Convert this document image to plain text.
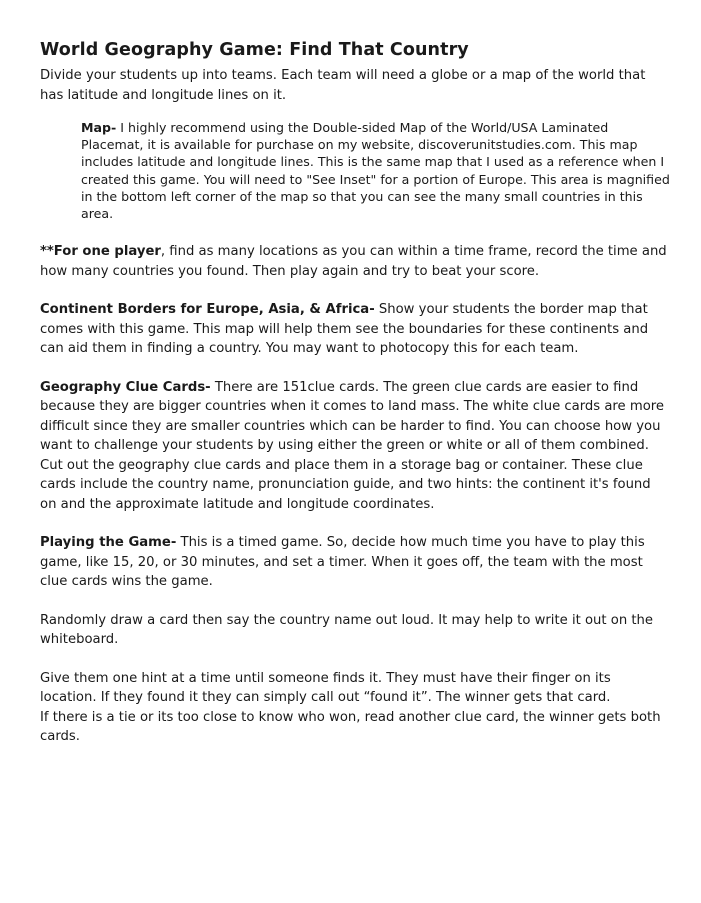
World Geography Game: Find That Country

Divide your students up into teams. Each team will need a globe or a map of the world that has latitude and longitude lines on it.

Map- I highly recommend using the Double-sided Map of the World/USA Laminated Placemat, it is available for purchase on my website, discoverunitstudies.com. This map includes latitude and longitude lines. This is the same map that I used as a reference when I created this game. You will need to "See Inset" for a portion of Europe. This area is magnified in the bottom left corner of the map so that you can see the many small countries in this area.

**For one player, find as many locations as you can within a time frame, record the time and how many countries you found. Then play again and try to beat your score.

Continent Borders for Europe, Asia, & Africa- Show your students the border map that comes with this game. This map will help them see the boundaries for these continents and can aid them in finding a country. You may want to photocopy this for each team.

Geography Clue Cards- There are 151clue cards. The green clue cards are easier to find because they are bigger countries when it comes to land mass. The white clue cards are more difficult since they are smaller countries which can be harder to find. You can choose how you want to challenge your students by using either the green or white or all of them combined. Cut out the geography clue cards and place them in a storage bag or container. These clue cards include the country name, pronunciation guide, and two hints: the continent it's found on and the approximate latitude and longitude coordinates.

Playing the Game- This is a timed game. So, decide how much time you have to play this game, like 15, 20, or 30 minutes, and set a timer. When it goes off, the team with the most clue cards wins the game.

Randomly draw a card then say the country name out loud. It may help to write it out on the whiteboard.

Give them one hint at a time until someone finds it. They must have their finger on its location. If they found it they can simply call out “found it”. The winner gets that card.

If there is a tie or its too close to know who won, read another clue card, the winner gets both cards.
